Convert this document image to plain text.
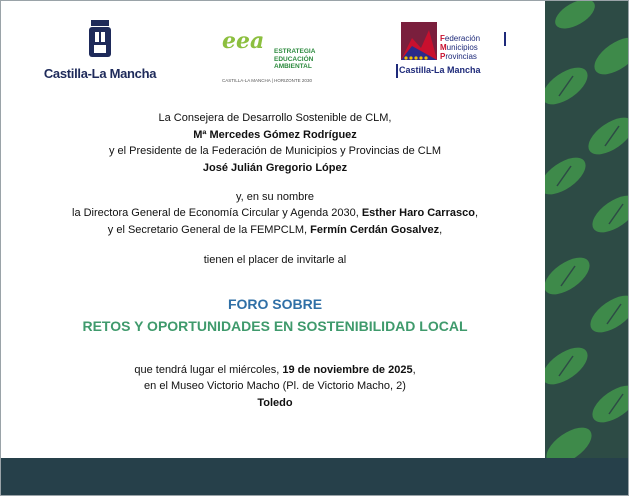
Castilla-La Mancha
eea ESTRATEGIA
EDUCACIÓN
AMBIENTAL
CASTILLA-LA MANCHA | HORIZONTE 2030
Federación
Municipios
Provincias
Castilla-La Mancha
La Consejera de Desarrollo Sostenible de CLM,
Mª Mercedes Gómez Rodríguez
y el Presidente de la Federación de Municipios y Provincias de CLM
José Julián Gregorio López
y, en su nombre
la Directora General de Economía Circular y Agenda 2030, Esther Haro Carrasco,
y el Secretario General de la FEMPCLM, Fermín Cerdán Gosalvez,
tienen el placer de invitarle al
FORO SOBRE
RETOS Y OPORTUNIDADES EN SOSTENIBILIDAD LOCAL
que tendrá lugar el miércoles, 19 de noviembre de 2025,
en el Museo Victorio Macho (Pl. de Victorio Macho, 2)
Toledo
